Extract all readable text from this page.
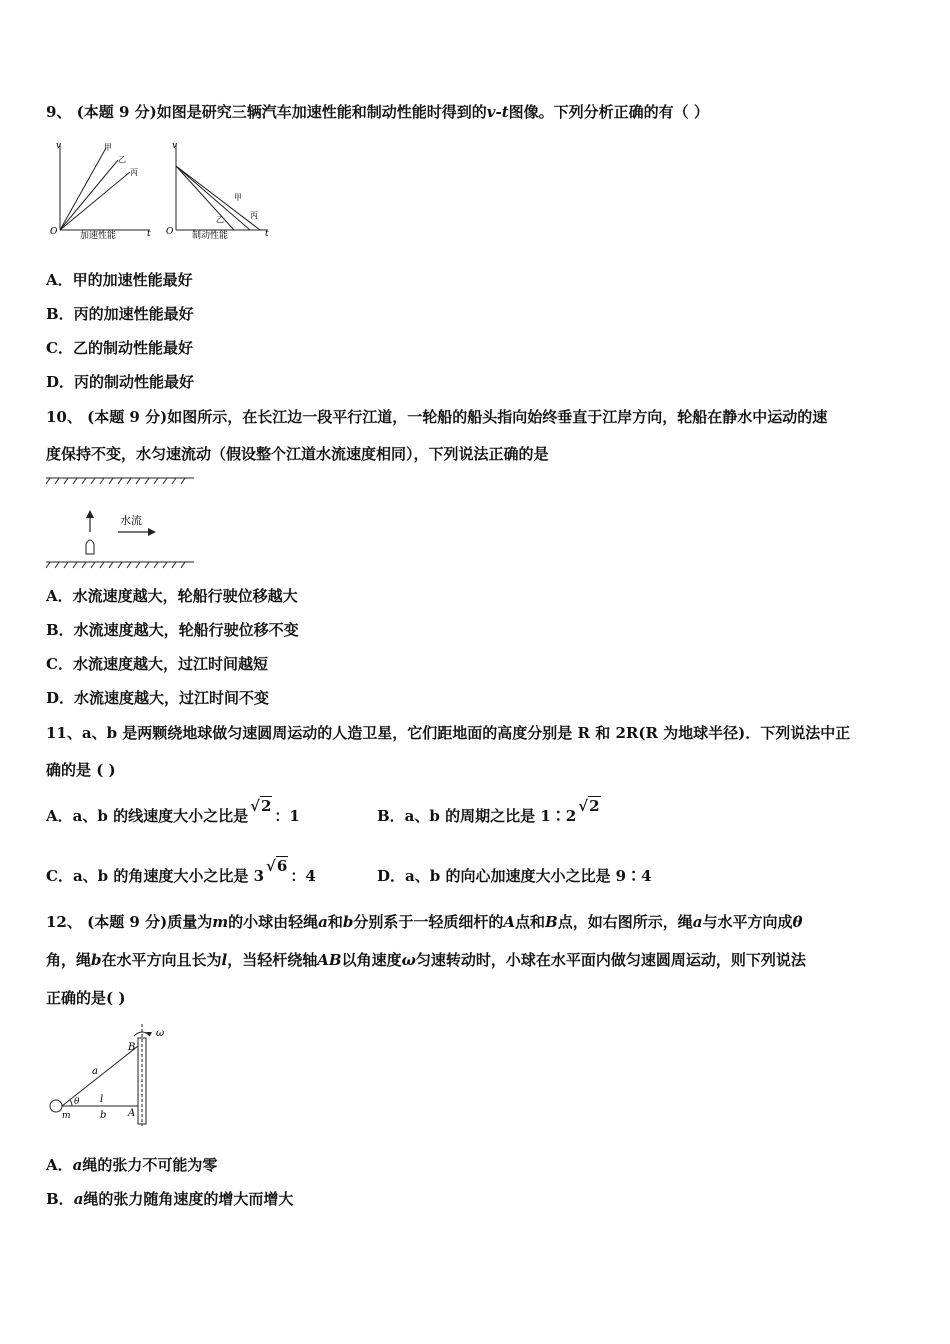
9、 (本题 9 分)如图是研究三辆汽车加速性能和制动性能时得到的v-t图像。下列分析正确的有（ ）
v
O	t
甲
乙
丙
加速性能
v
O	t
甲
乙	丙
制动性能
A．甲的加速性能最好
B．丙的加速性能最好
C．乙的制动性能最好
D．丙的制动性能最好
10、 (本题 9 分)如图所示，在长江边一段平行江道，一轮船的船头指向始终垂直于江岸方向，轮船在静水中运动的速
度保持不变，水匀速流动（假设整个江道水流速度相同），下列说法正确的是
水流
A．水流速度越大，轮船行驶位移越大
B．水流速度越大，轮船行驶位移不变
C．水流速度越大，过江时间越短
D．水流速度越大，过江时间不变
11、a、b 是两颗绕地球做匀速圆周运动的人造卫星，它们距地面的高度分别是 R 和 2R(R 为地球半径)．下列说法中正
确的是 ( )
A．a、b 的线速度大小之比是√2：1	B．a、b 的周期之比是 1∶2√2
C．a、b 的角速度大小之比是 3√6：4	D．a、b 的向心加速度大小之比是 9∶4
12、 (本题 9 分)质量为m的小球由轻绳a和b分别系于一轻质细杆的A点和B点，如右图所示，绳a与水平方向成θ
角，绳b在水平方向且长为l，当轻杆绕轴AB以角速度ω匀速转动时，小球在水平面内做匀速圆周运动，则下列说法
正确的是( )
B
A
a
b
l
m
θ
ω
A．a绳的张力不可能为零
B．a绳的张力随角速度的增大而增大
